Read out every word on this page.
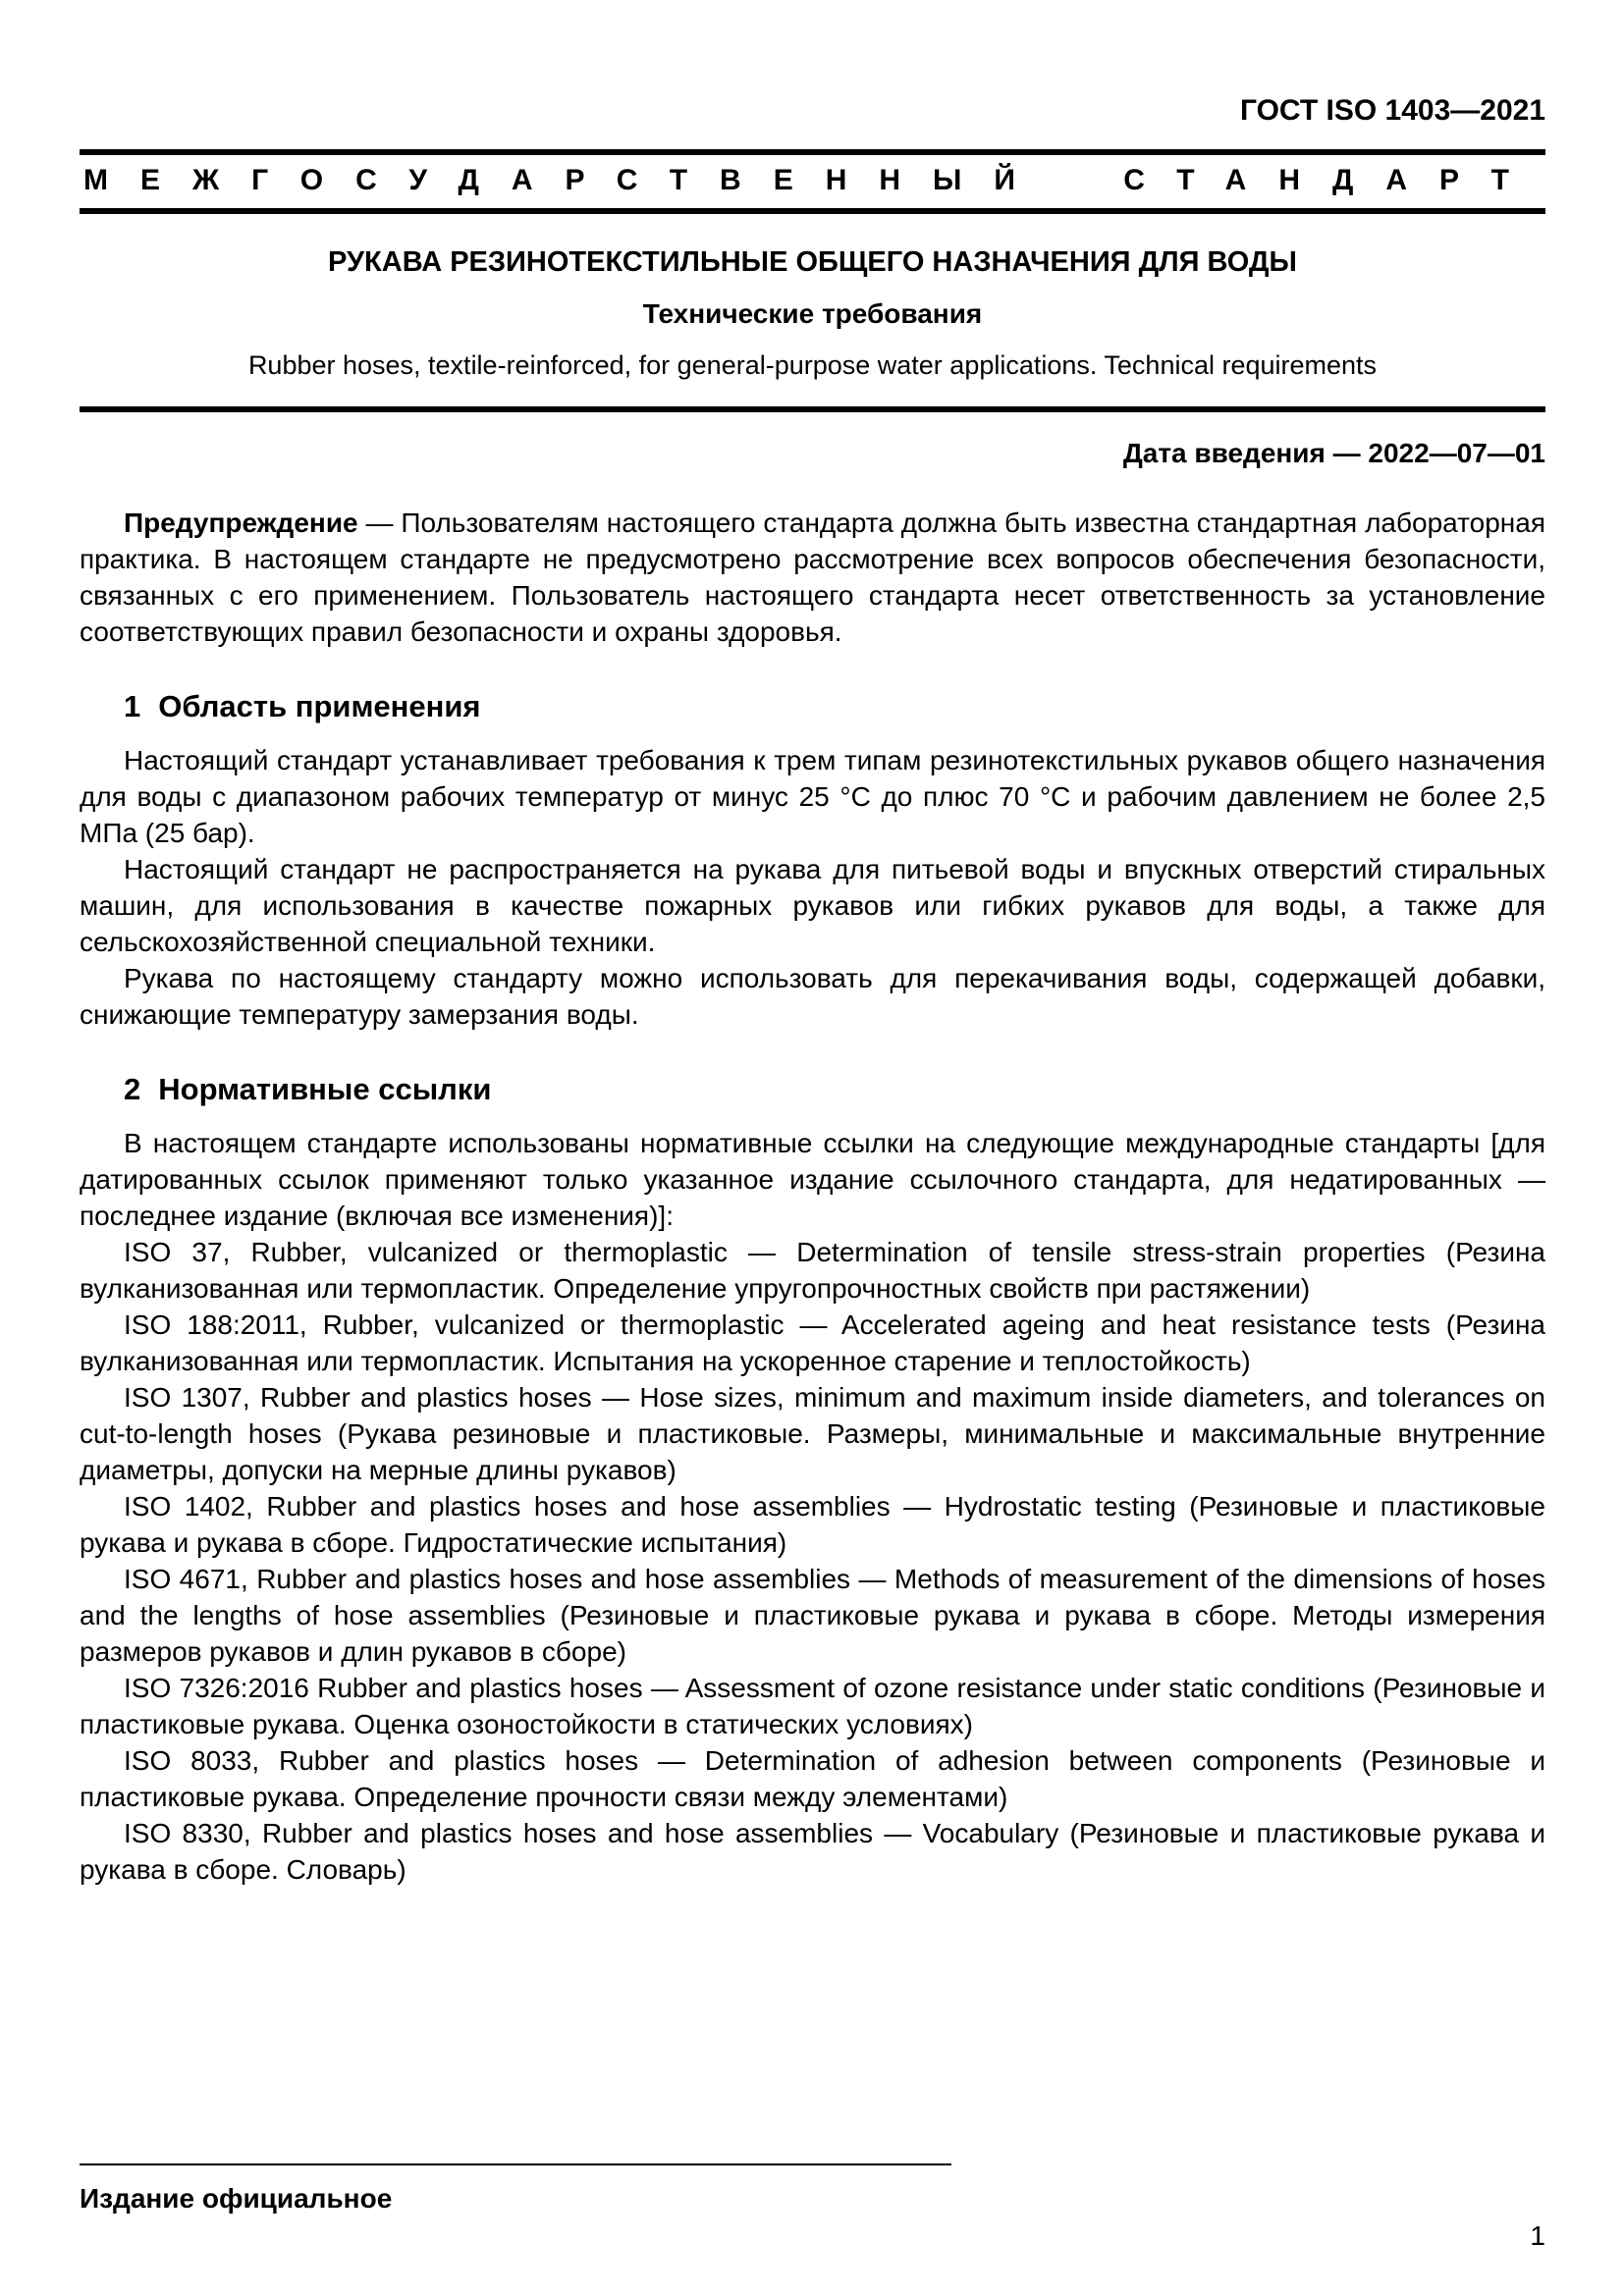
ГОСТ ISO 1403—2021
МЕЖГОСУДАРСТВЕННЫЙ СТАНДАРТ
РУКАВА РЕЗИНОТЕКСТИЛЬНЫЕ ОБЩЕГО НАЗНАЧЕНИЯ ДЛЯ ВОДЫ
Технические требования
Rubber hoses, textile-reinforced, for general-purpose water applications. Technical requirements
Дата введения — 2022—07—01

Предупреждение — Пользователям настоящего стандарта должна быть известна стандартная лабораторная практика. В настоящем стандарте не предусмотрено рассмотрение всех вопросов обеспечения безопасности, связанных с его применением. Пользователь настоящего стандарта несет ответственность за установление соответствующих правил безопасности и охраны здоровья.

1 Область применения

Настоящий стандарт устанавливает требования к трем типам резинотекстильных рукавов общего назначения для воды с диапазоном рабочих температур от минус 25 °С до плюс 70 °С и рабочим давлением не более 2,5 МПа (25 бар).

Настоящий стандарт не распространяется на рукава для питьевой воды и впускных отверстий стиральных машин, для использования в качестве пожарных рукавов или гибких рукавов для воды, а также для сельскохозяйственной специальной техники.

Рукава по настоящему стандарту можно использовать для перекачивания воды, содержащей добавки, снижающие температуру замерзания воды.

2 Нормативные ссылки

В настоящем стандарте использованы нормативные ссылки на следующие международные стандарты [для датированных ссылок применяют только указанное издание ссылочного стандарта, для недатированных — последнее издание (включая все изменения)]:

ISO 37, Rubber, vulcanized or thermoplastic — Determination of tensile stress-strain properties (Резина вулканизованная или термопластик. Определение упругопрочностных свойств при растяжении)

ISO 188:2011, Rubber, vulcanized or thermoplastic — Accelerated ageing and heat resistance tests (Резина вулканизованная или термопластик. Испытания на ускоренное старение и теплостойкость)

ISO 1307, Rubber and plastics hoses — Hose sizes, minimum and maximum inside diameters, and tolerances on cut-to-length hoses (Рукава резиновые и пластиковые. Размеры, минимальные и максимальные внутренние диаметры, допуски на мерные длины рукавов)

ISO 1402, Rubber and plastics hoses and hose assemblies — Hydrostatic testing (Резиновые и пластиковые рукава и рукава в сборе. Гидростатические испытания)

ISO 4671, Rubber and plastics hoses and hose assemblies — Methods of measurement of the dimensions of hoses and the lengths of hose assemblies (Резиновые и пластиковые рукава и рукава в сборе. Методы измерения размеров рукавов и длин рукавов в сборе)

ISO 7326:2016 Rubber and plastics hoses — Assessment of ozone resistance under static conditions (Резиновые и пластиковые рукава. Оценка озоностойкости в статических условиях)

ISO 8033, Rubber and plastics hoses — Determination of adhesion between components (Резиновые и пластиковые рукава. Определение прочности связи между элементами)

ISO 8330, Rubber and plastics hoses and hose assemblies — Vocabulary (Резиновые и пластиковые рукава и рукава в сборе. Словарь)

Издание официальное
1
